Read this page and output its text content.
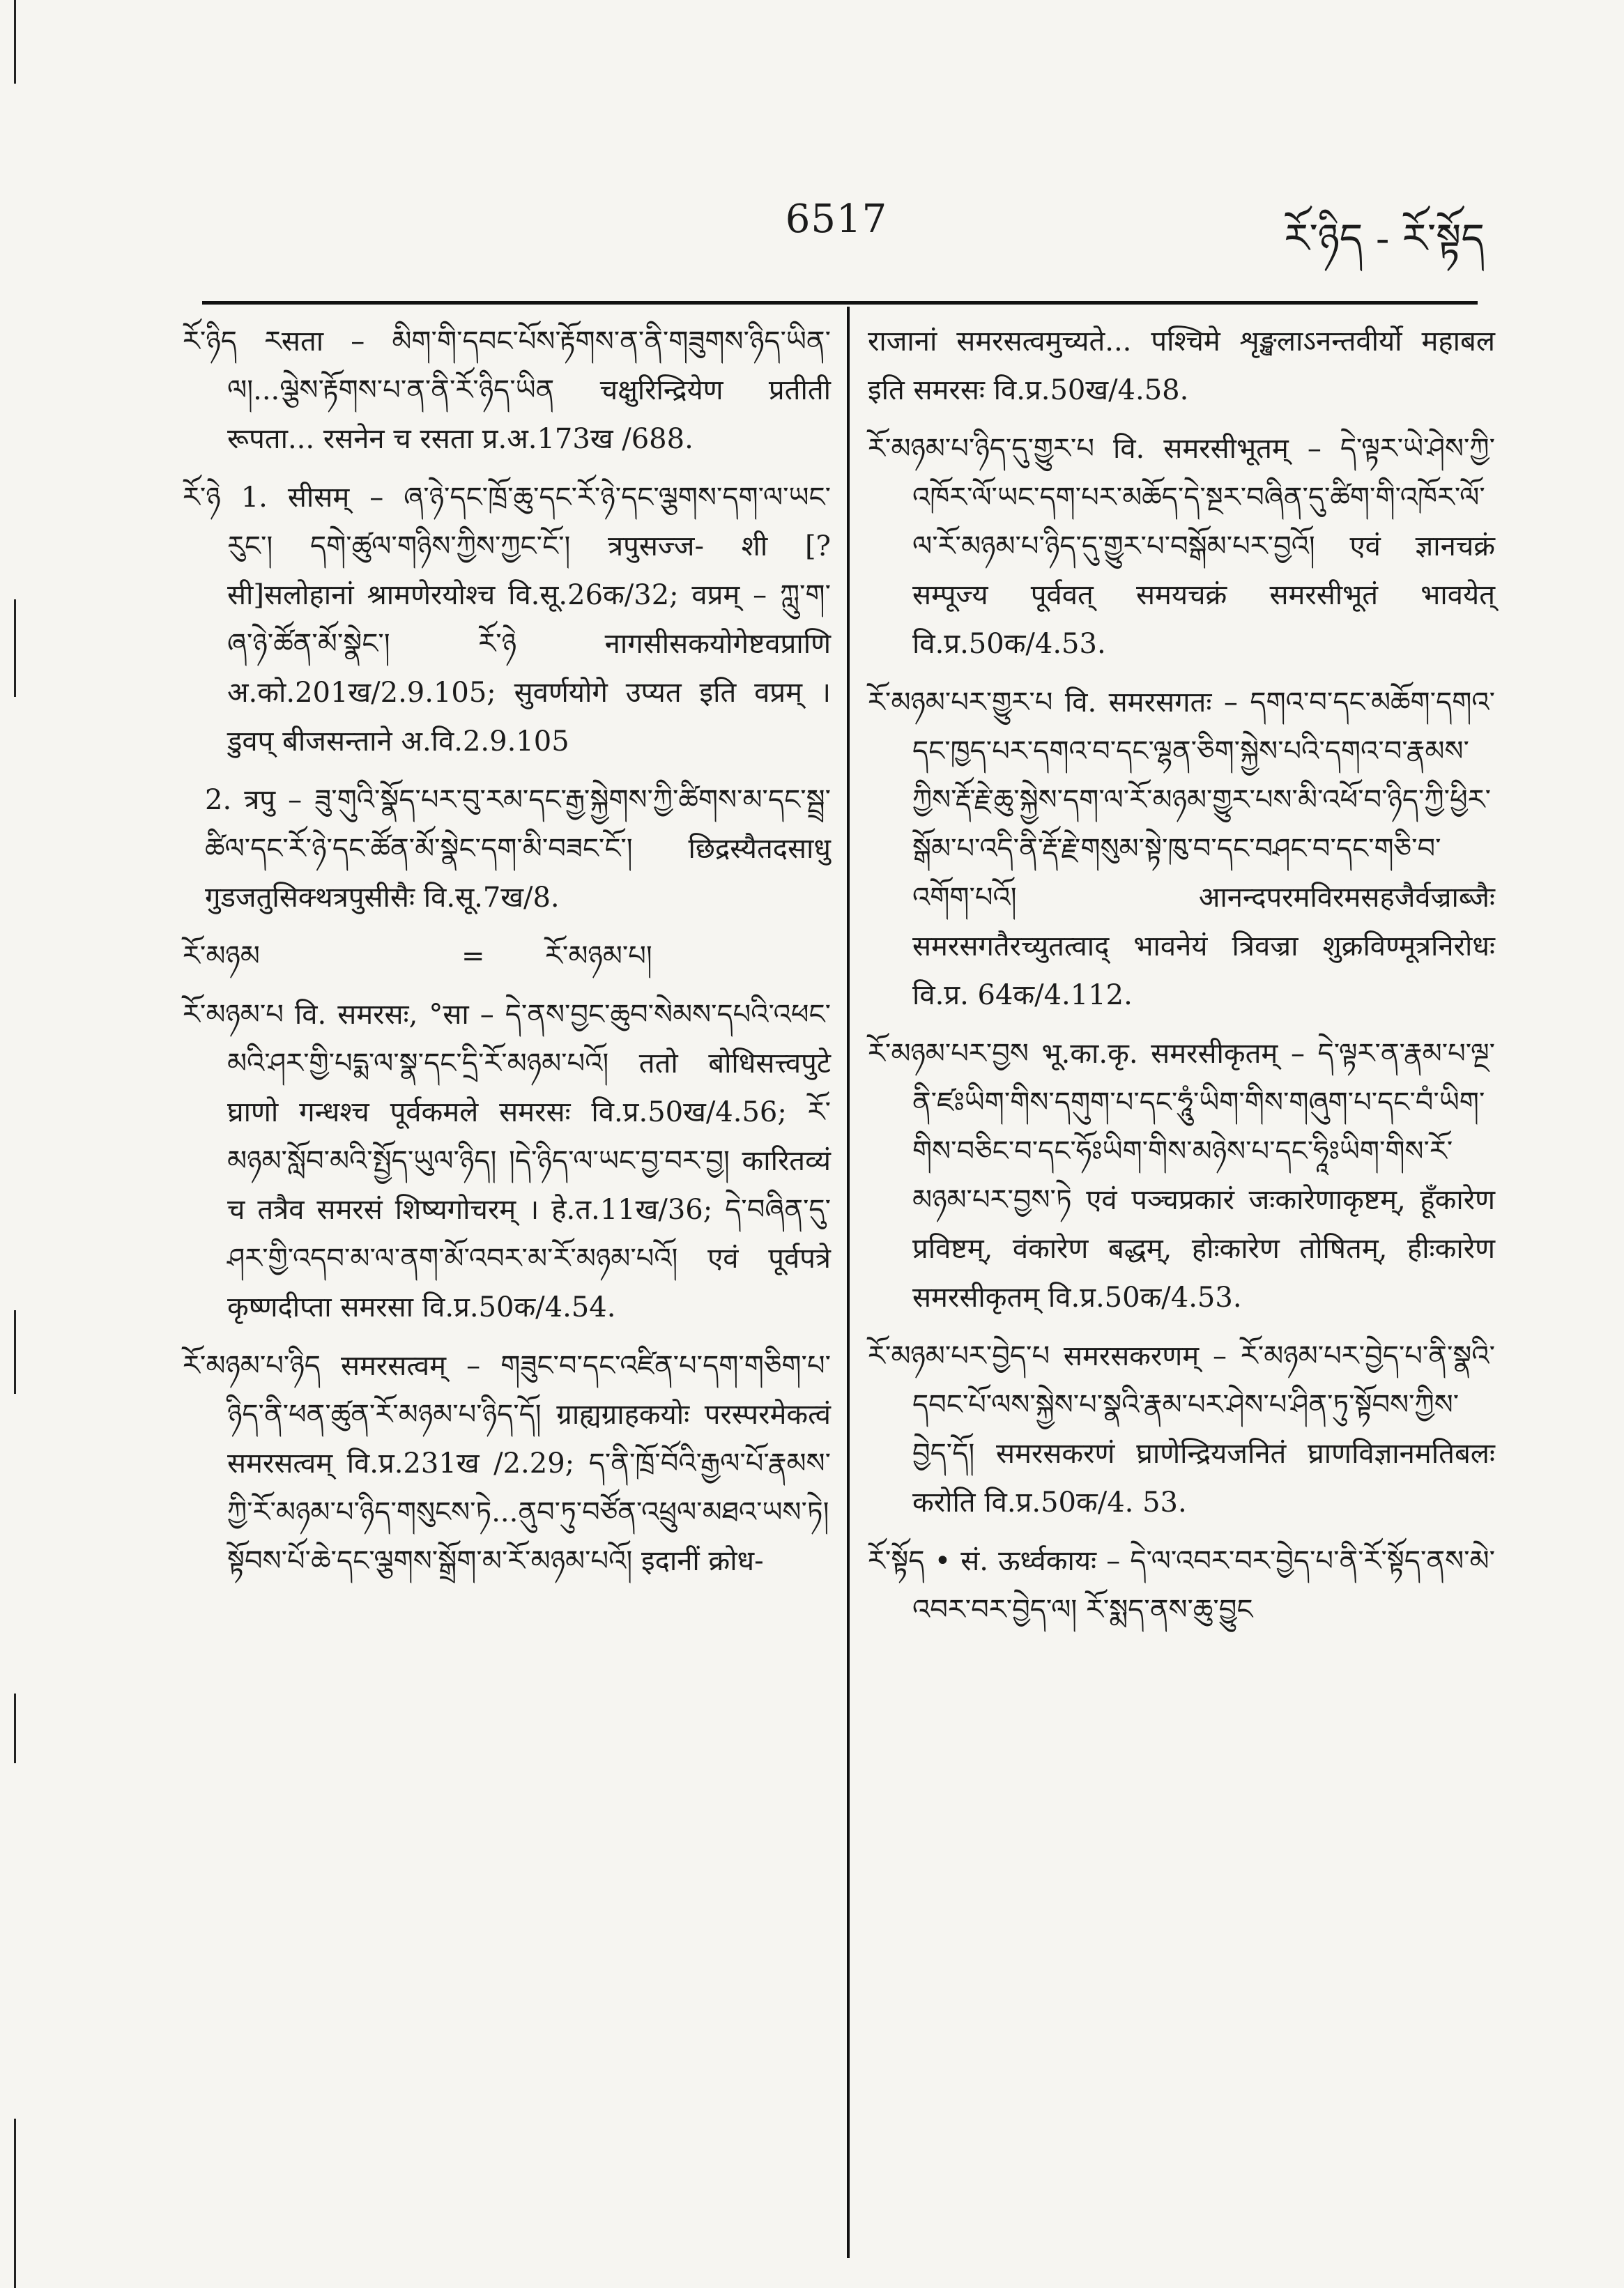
6517	རོ་ཉིད - རོ་སྟོད

རོ་ཉིད རसता – མིག་གི་དབང་པོས་རྟོགས་ན་ནི་གཟུགས་ཉིད་ཡིན་ལ།...ལྕེས་རྟོགས་པ་ན་ནི་རོ་ཉིད་ཡིན चक्षुरिन्द्रियेण प्रतीती रूपता... रसनेन च रसता प्र.अ.173ख /688.

རོ་ཉེ 1. सीसम् – ཞ་ཉེ་དང་ཁྲོ་ཆུ་དང་རོ་ཉེ་དང་ལྕགས་དག་ལ་ཡང་རུང་། དགེ་ཚུལ་གཉིས་ཀྱིས་ཀྱང་ངོ་། त्रपुसज्ज- शी [?सी]सलोहानां श्रामणेरयोश्च वि.सू.26क/32; वप्रम् – ཀླུ་ག་ཞ་ཉེ་ཚོན་མོ་སྣེང་། རོ་ཉེ नागसीसकयोगेष्टवप्राणि अ.को.201ख/2.9.105; सुवर्णयोगे उप्यत इति वप्रम् । डुवप् बीजसन्ताने अ.वि.2.9.105

2. त्रपु – ཟུ་གུའི་སྣོད་པར་བུ་རམ་དང་རྒྱ་སྐྱེགས་ཀྱི་ཚིགས་མ་དང་སྦྲ་ཚིལ་དང་རོ་ཉེ་དང་ཚོན་མོ་སྣེང་དག་མི་བཟང་ངོ་། छिद्रस्यैतदसाधु गुडजतुसिक्थत्रपुसीसैः वि.सू.7ख/8.

རོ་མཉམ	= རོ་མཉམ་པ།

རོ་མཉམ་པ वि. समरसः, °सा – དེ་ནས་བྱང་ཆུབ་སེམས་དཔའི་འཕང་མའི་ཤར་གྱི་པདྨ་ལ་སྣ་དང་དྲི་རོ་མཉམ་པའོ། ततो बोधिसत्त्वपुटे घ्राणो गन्धश्च पूर्वकमले समरसः वि.प्र.50ख/4.56; རོ་མཉམ་སློབ་མའི་སྤྱོད་ཡུལ་ཉིད། །དེ་ཉིད་ལ་ཡང་བྱ་བར་བྱ། कारितव्यं च तत्रैव समरसं शिष्यगोचरम् । हे.त.11ख/36; དེ་བཞིན་དུ་ཤར་གྱི་འདབ་མ་ལ་ནག་མོ་འབར་མ་རོ་མཉམ་པའོ། एवं पूर्वपत्रे कृष्णदीप्ता समरसा वि.प्र.50क/4.54.

རོ་མཉམ་པ་ཉིད समरसत्वम् – གཟུང་བ་དང་འཛིན་པ་དག་གཅིག་པ་ཉིད་ནི་ཕན་ཚུན་རོ་མཉམ་པ་ཉིད་དོ། ग्राह्यग्राहकयोः परस्परमेकत्वं समरसत्वम् वि.प्र.231ख /2.29; ད་ནི་ཁྲོ་བོའི་རྒྱལ་པོ་རྣམས་ཀྱི་རོ་མཉམ་པ་ཉིད་གསུངས་ཏེ...ནུབ་ཏུ་བཙོན་འཕྲུལ་མཐའ་ཡས་ཏེ། སྟོབས་པོ་ཆེ་དང་ལྕགས་སྒྲོག་མ་རོ་མཉམ་པའོ། इदानीं क्रोध-

राजानां समरसत्वमुच्यते... पश्चिमे शृङ्खलाऽनन्तवीर्यो महाबल इति समरसः वि.प्र.50ख/4.58.

རོ་མཉམ་པ་ཉིད་དུ་གྱུར་པ वि. समरसीभूतम् – དེ་ལྟར་ཡེ་ཤེས་ཀྱི་འཁོར་ལོ་ཡང་དག་པར་མཆོད་དེ་སྔར་བཞིན་དུ་ཚིག་གི་འཁོར་ལོ་ལ་རོ་མཉམ་པ་ཉིད་དུ་གྱུར་པ་བསྒོམ་པར་བྱའོ། एवं ज्ञानचक्रं सम्पूज्य पूर्ववत् समयचक्रं समरसीभूतं भावयेत् वि.प्र.50क/4.53.

རོ་མཉམ་པར་གྱུར་པ वि. समरसगतः – དགའ་བ་དང་མཆོག་དགའ་དང་ཁྱད་པར་དགའ་བ་དང་ལྷན་ཅིག་སྐྱེས་པའི་དགའ་བ་རྣམས་ཀྱིས་རྡོ་རྗེ་ཆུ་སྐྱེས་དག་ལ་རོ་མཉམ་གྱུར་པས་མི་འཕོ་བ་ཉིད་ཀྱི་ཕྱིར་སྒོམ་པ་འདི་ནི་རྡོ་རྗེ་གསུམ་སྟེ་ཁུ་བ་དང་བཤང་བ་དང་གཅི་བ་འགོག་པའོ། आनन्दपरमविरमसहजैर्वज्राब्जैः समरसगतैरच्युतत्वाद् भावनेयं त्रिवज्रा शुक्रविण्मूत्रनिरोधः वि.प्र. 64क/4.112.

རོ་མཉམ་པར་བྱས भू.का.कृ. समरसीकृतम् – དེ་ལྟར་ན་རྣམ་པ་ལྔ་ནི་ཛཿཡིག་གིས་དགུག་པ་དང་ཧཱུཾ་ཡིག་གིས་གཞུག་པ་དང་བཾ་ཡིག་གིས་བཅིང་བ་དང་ཧོཿཡིག་གིས་མཉེས་པ་དང་ཧཱིཿཡིག་གིས་རོ་མཉམ་པར་བྱས་ཏེ एवं पञ्चप्रकारं जःकारेणाकृष्टम्, हूँकारेण प्रविष्टम्, वंकारेण बद्धम्, होःकारेण तोषितम्, हीःकारेण समरसीकृतम् वि.प्र.50क/4.53.

རོ་མཉམ་པར་བྱེད་པ समरसकरणम् – རོ་མཉམ་པར་བྱེད་པ་ནི་སྣའི་དབང་པོ་ལས་སྐྱེས་པ་སྣའི་རྣམ་པར་ཤེས་པ་ཤིན་ཏུ་སྟོབས་ཀྱིས་བྱེད་དོ། समरसकरणं घ्राणेन्द्रियजनितं घ्राणविज्ञानमतिबलः करोति वि.प्र.50क/4. 53.

རོ་སྟོད • सं. ऊर्ध्वकायः – དེ་ལ་འབར་བར་བྱེད་པ་ནི་རོ་སྟོད་ནས་མེ་འབར་བར་བྱེད་ལ། རོ་སྨད་ནས་ཆུ་བྱུང
